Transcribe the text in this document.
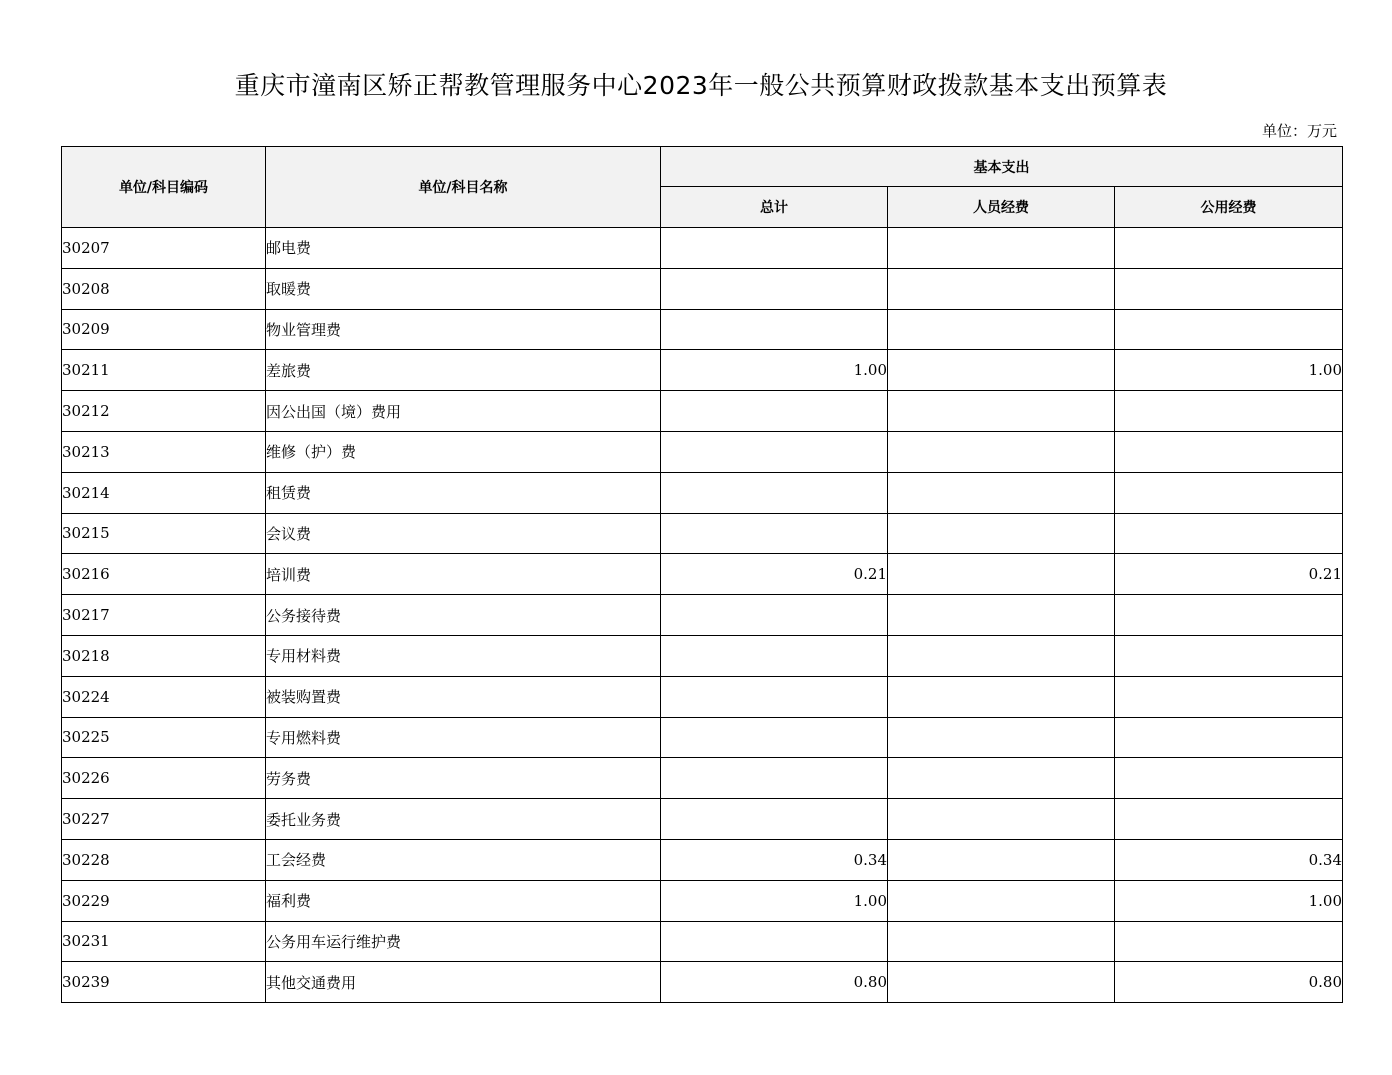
重庆市潼南区矫正帮教管理服务中心2023年一般公共预算财政拨款基本支出预算表
单位：万元
单位/科目编码	单位/科目名称	基本支出		
		总计	人员经费	公用经费
30207	邮电费			
30208	取暖费			
30209	物业管理费			
30211	差旅费	1.00		1.00
30212	因公出国（境）费用			
30213	维修（护）费			
30214	租赁费			
30215	会议费			
30216	培训费	0.21		0.21
30217	公务接待费			
30218	专用材料费			
30224	被装购置费			
30225	专用燃料费			
30226	劳务费			
30227	委托业务费			
30228	工会经费	0.34		0.34
30229	福利费	1.00		1.00
30231	公务用车运行维护费			
30239	其他交通费用	0.80		0.80
